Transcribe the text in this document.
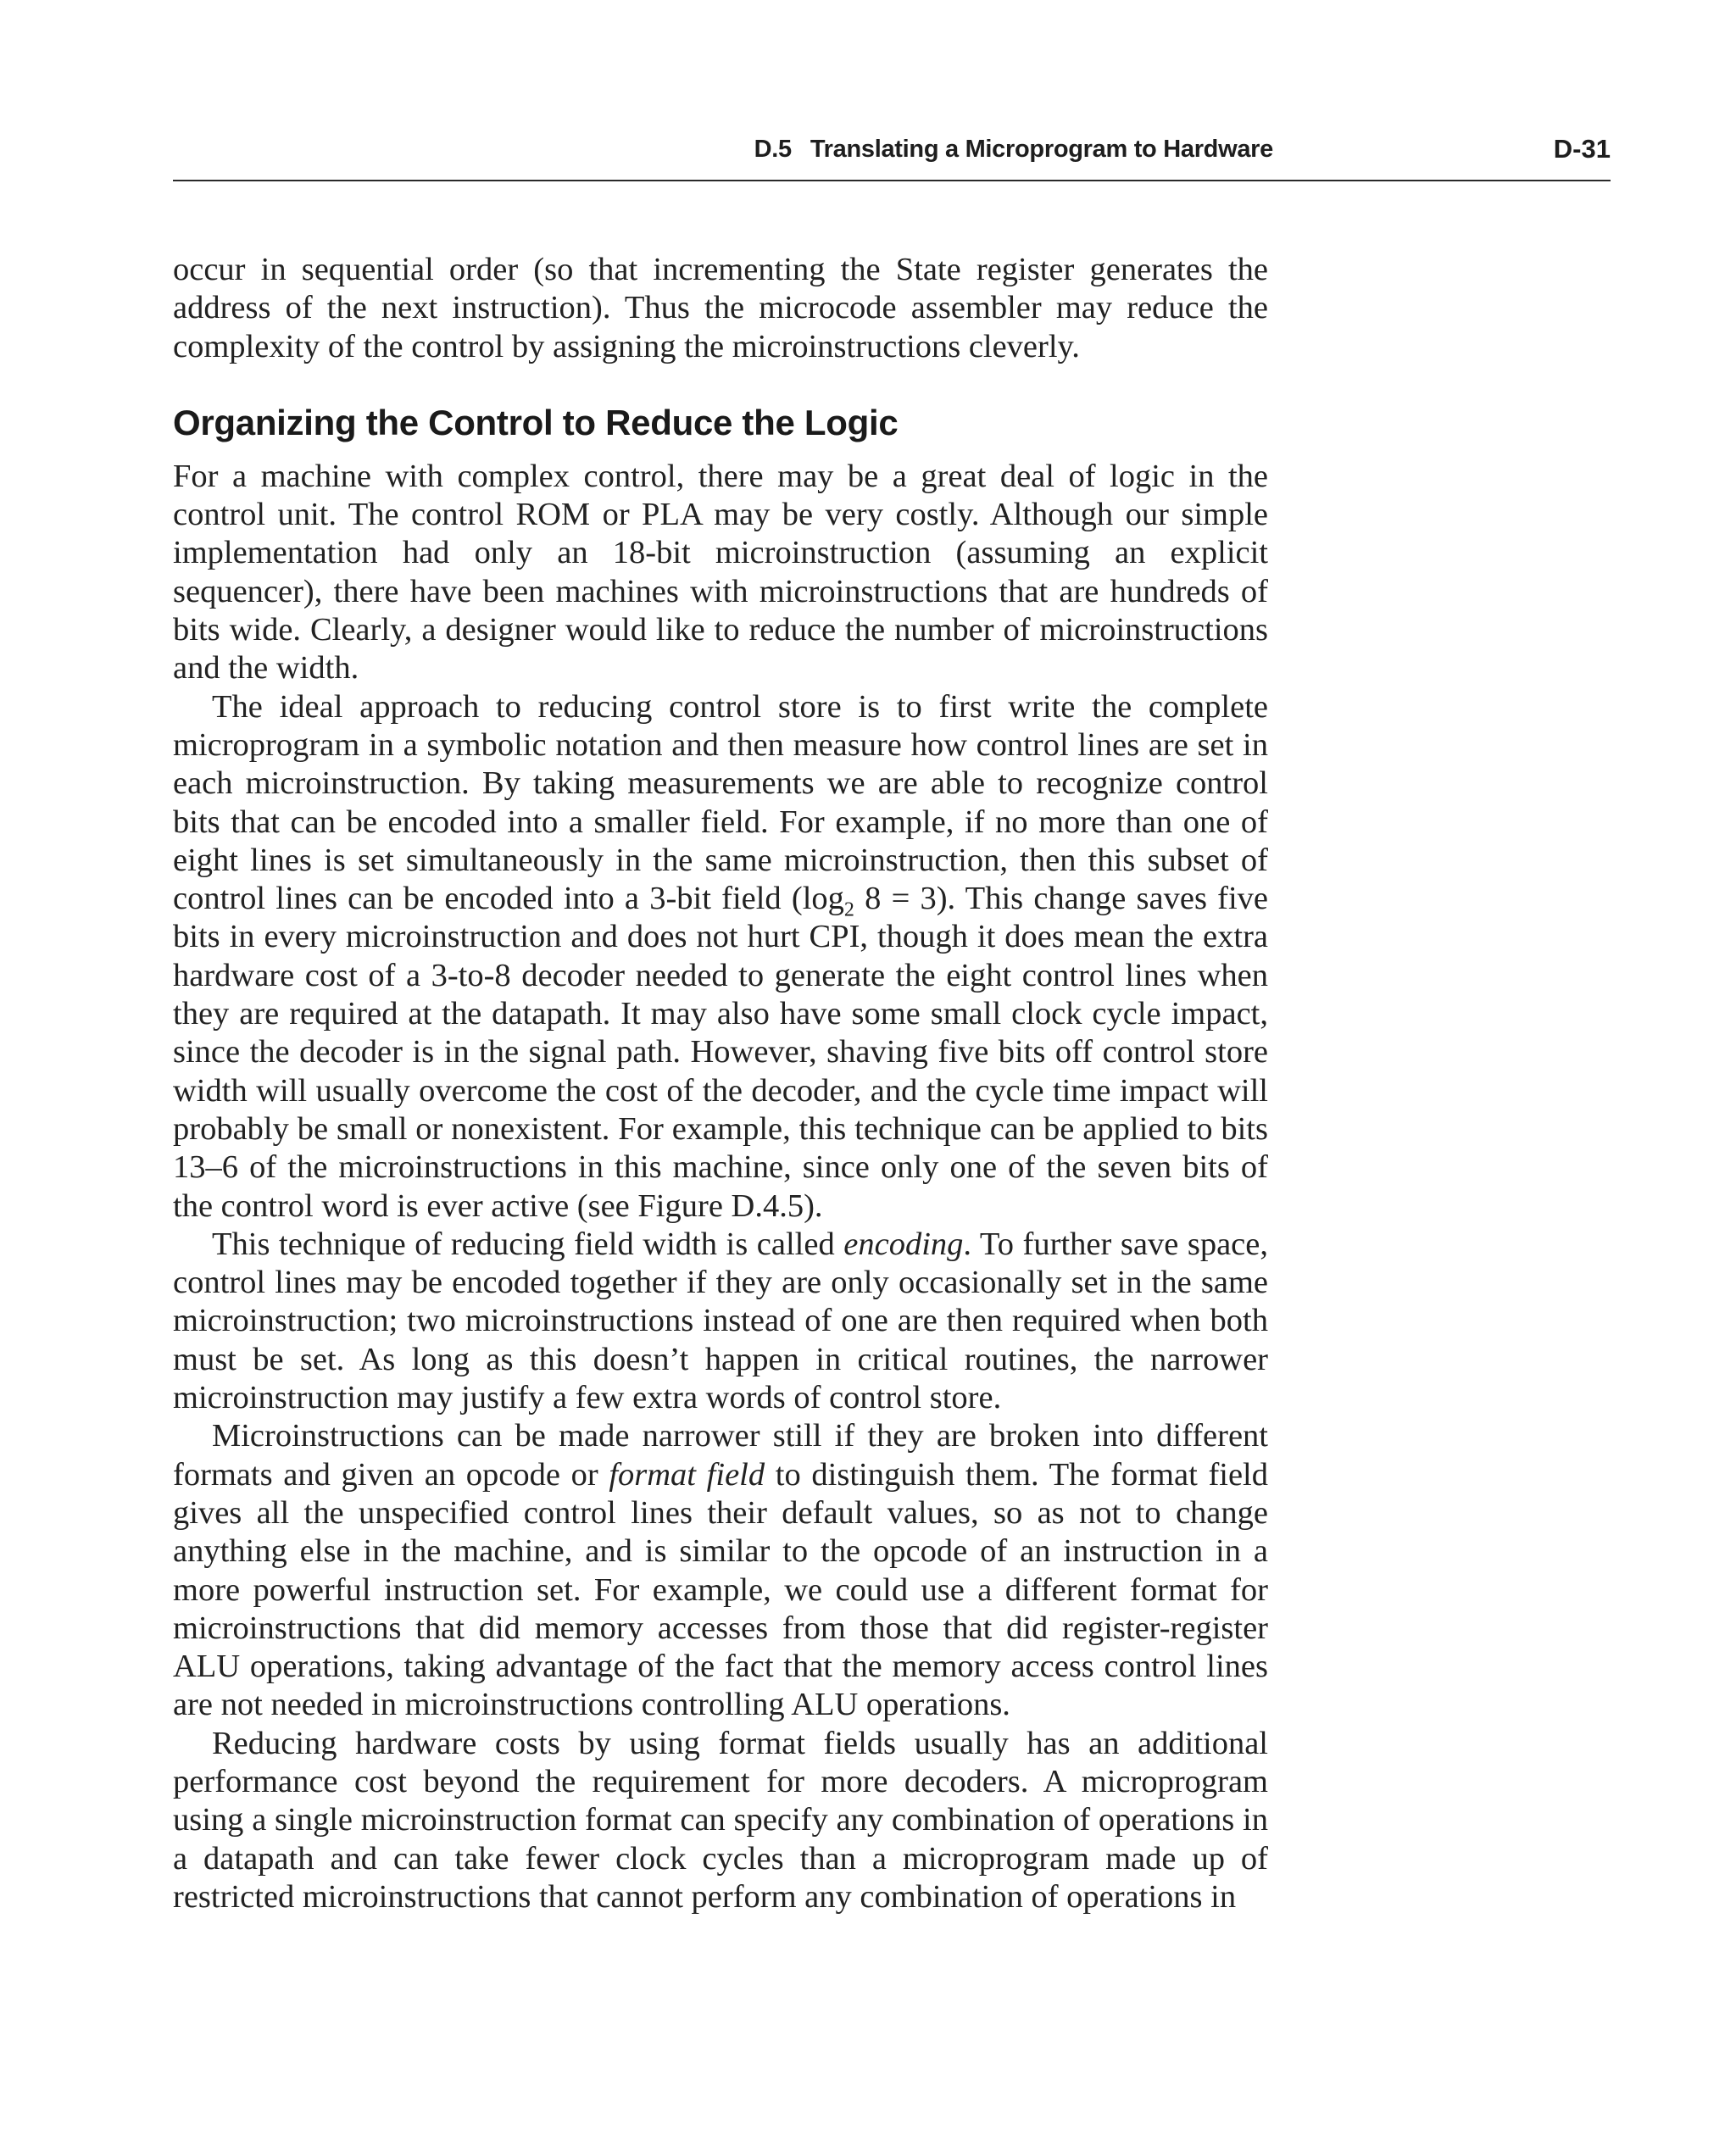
D.5 Translating a Microprogram to Hardware	D-31

occur in sequential order (so that incrementing the State register generates the address of the next instruction). Thus the microcode assembler may reduce the complexity of the control by assigning the microinstructions cleverly.

Organizing the Control to Reduce the Logic

For a machine with complex control, there may be a great deal of logic in the control unit. The control ROM or PLA may be very costly. Although our simple implementation had only an 18-bit microinstruction (assuming an explicit sequencer), there have been machines with microinstructions that are hundreds of bits wide. Clearly, a designer would like to reduce the number of microinstructions and the width.

The ideal approach to reducing control store is to first write the complete microprogram in a symbolic notation and then measure how control lines are set in each microinstruction. By taking measurements we are able to recognize control bits that can be encoded into a smaller field. For example, if no more than one of eight lines is set simultaneously in the same microinstruction, then this subset of control lines can be encoded into a 3-bit field ($\log_2$ 8 = 3). This change saves five bits in every microinstruction and does not hurt CPI, though it does mean the extra hardware cost of a 3-to-8 decoder needed to generate the eight control lines when they are required at the datapath. It may also have some small clock cycle impact, since the decoder is in the signal path. However, shaving five bits off control store width will usually overcome the cost of the decoder, and the cycle time impact will probably be small or nonexistent. For example, this technique can be applied to bits 13–6 of the microinstructions in this machine, since only one of the seven bits of the control word is ever active (see Figure D.4.5).

This technique of reducing field width is called encoding. To further save space, control lines may be encoded together if they are only occasionally set in the same microinstruction; two microinstructions instead of one are then required when both must be set. As long as this doesn’t happen in critical routines, the narrower microinstruction may justify a few extra words of control store.

Microinstructions can be made narrower still if they are broken into different formats and given an opcode or format field to distinguish them. The format field gives all the unspecified control lines their default values, so as not to change anything else in the machine, and is similar to the opcode of an instruction in a more powerful instruction set. For example, we could use a different format for microinstructions that did memory accesses from those that did register-register ALU operations, taking advantage of the fact that the memory access control lines are not needed in microinstructions controlling ALU operations.

Reducing hardware costs by using format fields usually has an additional performance cost beyond the requirement for more decoders. A microprogram using a single microinstruction format can specify any combination of operations in a datapath and can take fewer clock cycles than a microprogram made up of restricted microinstructions that cannot perform any combination of operations in
